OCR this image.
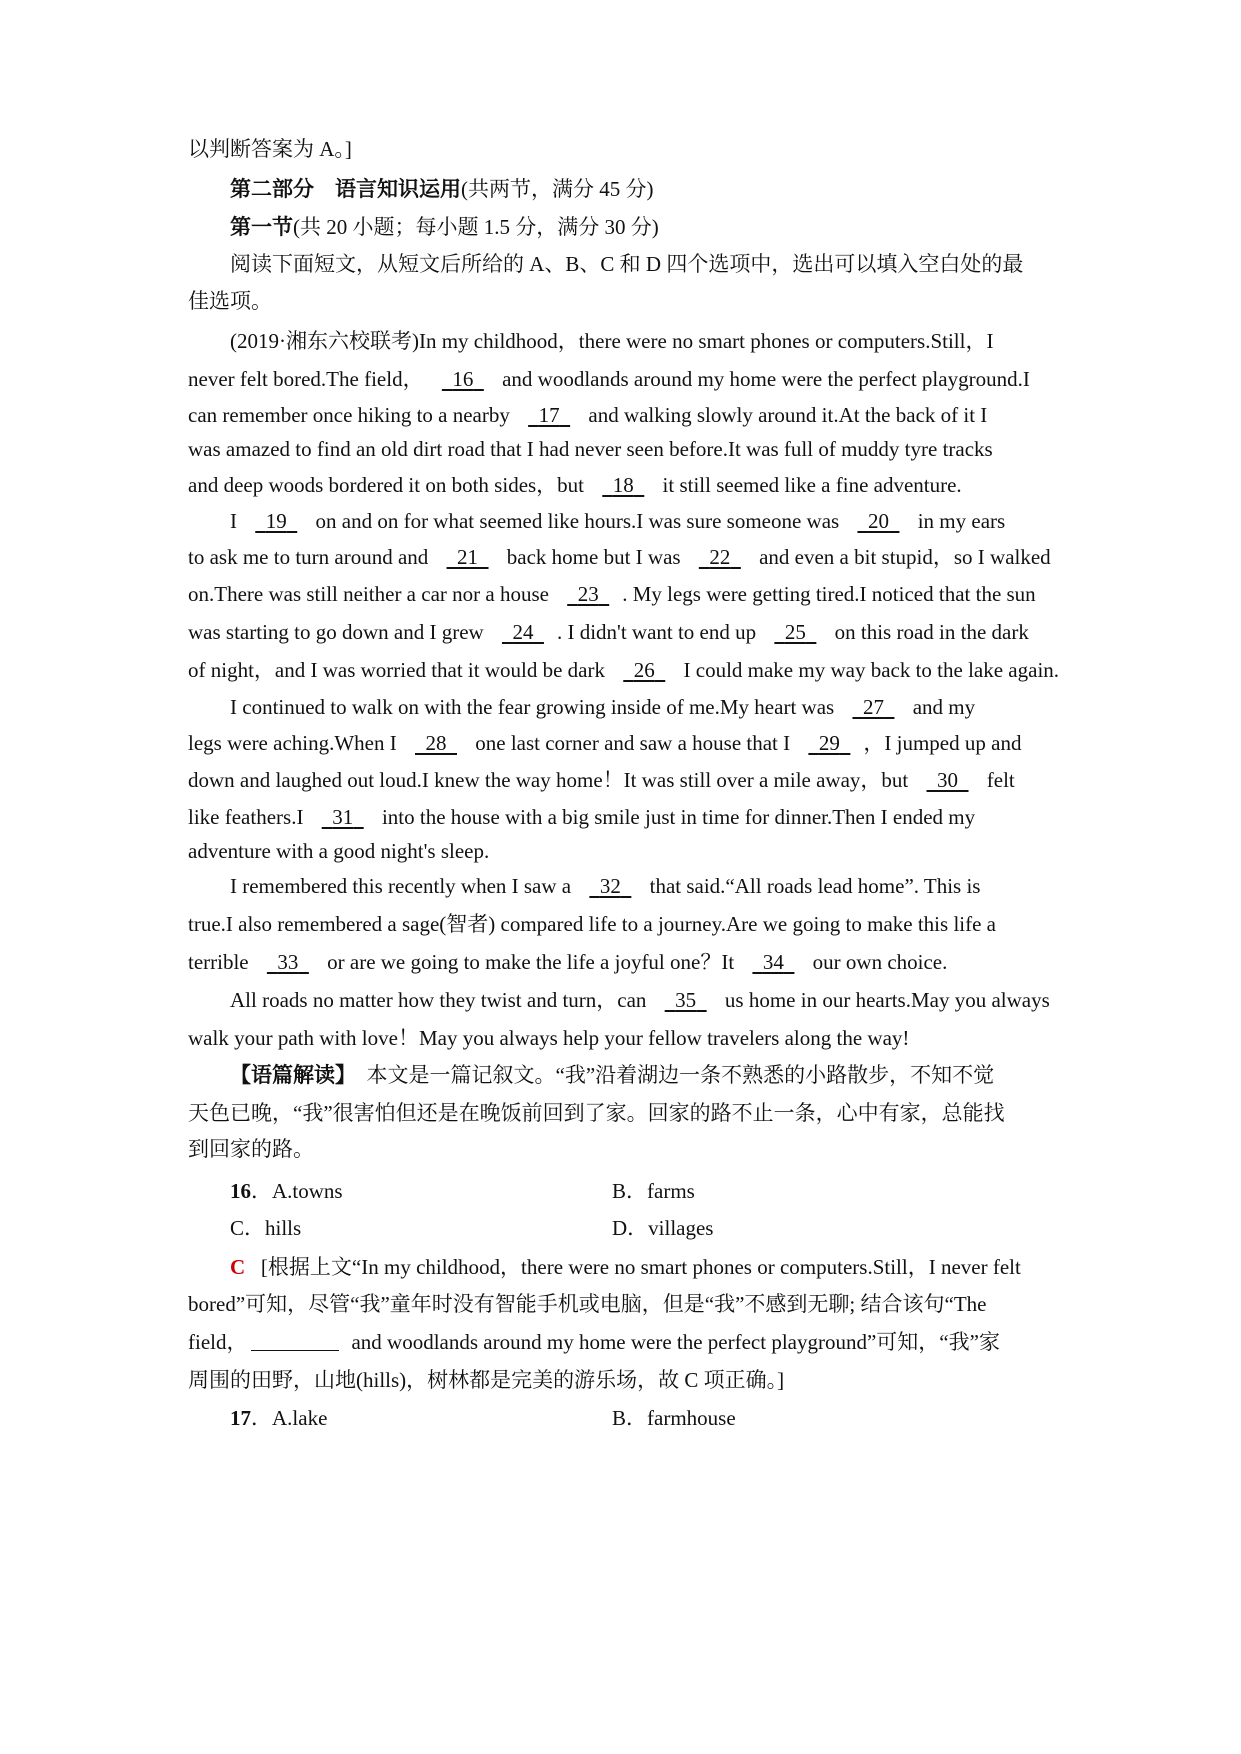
以判断答案为 A。]
第二部分 语言知识运用(共两节，满分 45 分)
第一节(共 20 小题；每小题 1.5 分，满分 30 分)
阅读下面短文，从短文后所给的 A、B、C 和 D 四个选项中，选出可以填入空白处的最
佳选项。
(2019·湘东六校联考)In my childhood，there were no smart phones or computers.Still，I
never felt bored.The field， 16 and woodlands around my home were the perfect playground.I
can remember once hiking to a nearby 17 and walking slowly around it.At the back of it I
was amazed to find an old dirt road that I had never seen before.It was full of muddy tyre tracks
and deep woods bordered it on both sides，but 18 it still seemed like a fine adventure.
I 19 on and on for what seemed like hours.I was sure someone was 20 in my ears
to ask me to turn around and 21 back home but I was 22 and even a bit stupid，so I walked
on.There was still neither a car nor a house 23 . My legs were getting tired.I noticed that the sun
was starting to go down and I grew 24 . I didn't want to end up 25 on this road in the dark
of night，and I was worried that it would be dark 26 I could make my way back to the lake again.
I continued to walk on with the fear growing inside of me.My heart was 27 and my
legs were aching.When I 28 one last corner and saw a house that I 29 ，I jumped up and
down and laughed out loud.I knew the way home！It was still over a mile away，but 30 felt
like feathers.I 31 into the house with a big smile just in time for dinner.Then I ended my
adventure with a good night's sleep.
I remembered this recently when I saw a 32 that said.“All roads lead home”. This is
true.I also remembered a sage(智者) compared life to a journey.Are we going to make this life a
terrible 33 or are we going to make the life a joyful one？It 34 our own choice.
All roads no matter how they twist and turn，can 35 us home in our hearts.May you always
walk your path with love！May you always help your fellow travelers along the way!
【语篇解读】 本文是一篇记叙文。“我”沿着湖边一条不熟悉的小路散步，不知不觉
天色已晚，“我”很害怕但还是在晚饭前回到了家。回家的路不止一条，心中有家，总能找
到回家的路。
16．A.towns	B．farms
C．hills	D．villages
C [根据上文“In my childhood，there were no smart phones or computers.Still，I never felt
bored”可知，尽管“我”童年时没有智能手机或电脑，但是“我”不感到无聊; 结合该句“The
field，	and woodlands around my home were the perfect playground”可知，“我”家
周围的田野，山地(hills)，树林都是完美的游乐场，故 C 项正确。]
17．A.lake	B．farmhouse
